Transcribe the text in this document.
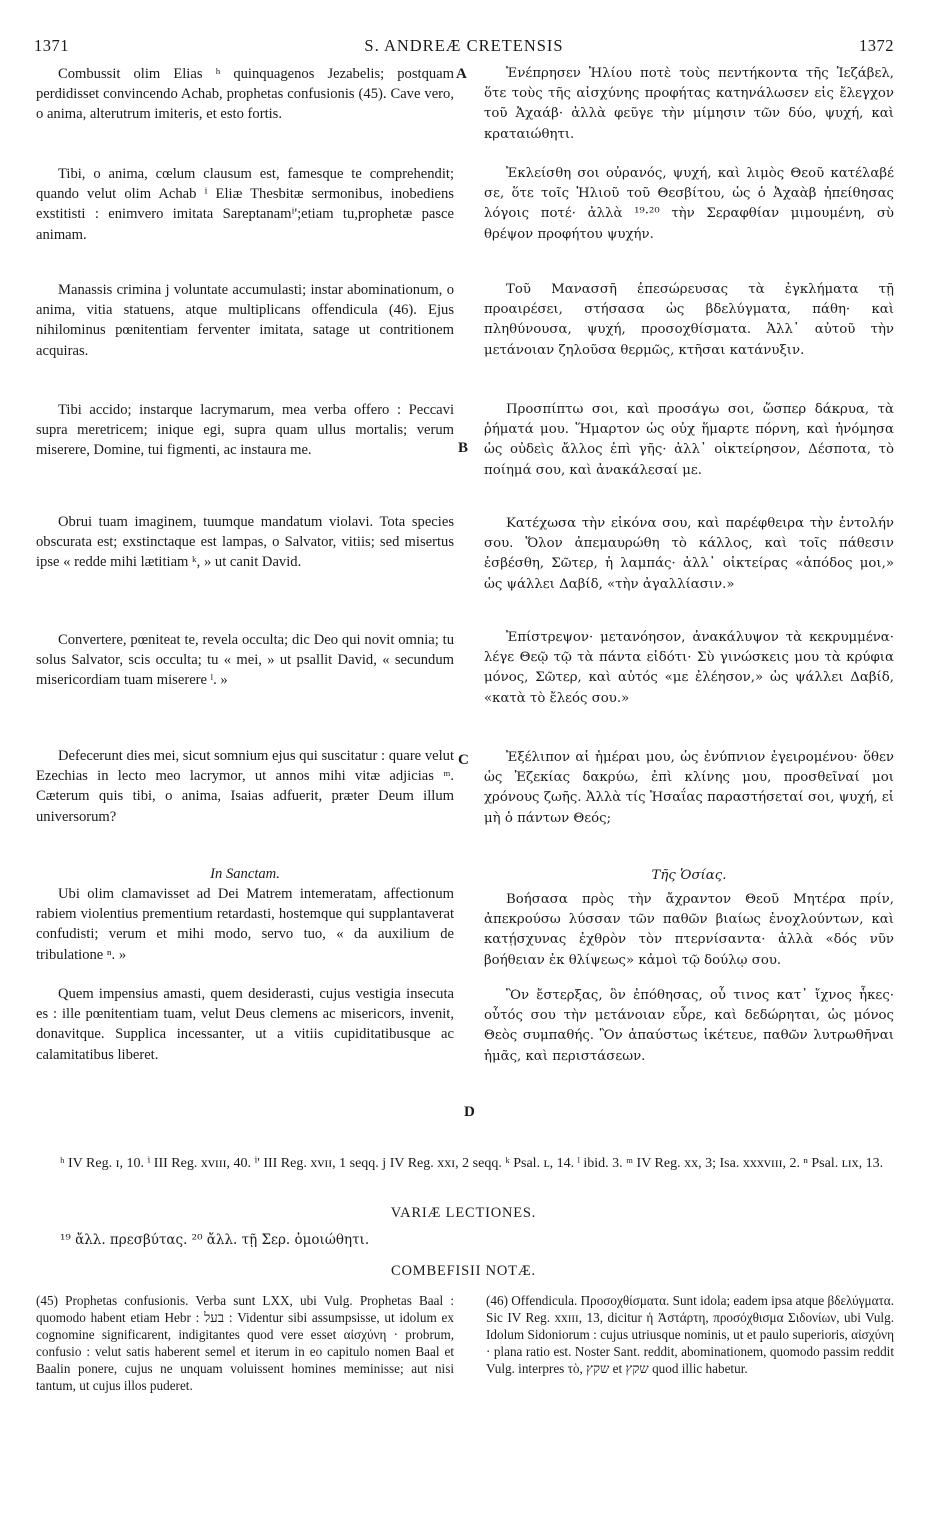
1371	S. ANDREÆ CRETENSIS	1372
A
B
C
D

Combussit olim Elias ʰ quinquagenos Jezabelis; postquam perdidisset convincendo Achab, prophetas confusionis (45). Cave vero, o anima, alterutrum imiteris, et esto fortis.

Tibi, o anima, cœlum clausum est, famesque te comprehendit; quando velut olim Achab ⁱ Eliæ Thesbitæ sermonibus, inobediens exstitisti : enimvero imitata Sareptanamⁱ';etiam tu,prophetæ pasce animam.

Manassis crimina j voluntate accumulasti; instar abominationum, o anima, vitia statuens, atque multiplicans offendicula (46). Ejus nihilominus pœnitentiam ferventer imitata, satage ut contritionem acquiras.

Tibi accido; instarque lacrymarum, mea verba offero : Peccavi supra meretricem; inique egi, supra quam ullus mortalis; verum miserere, Domine, tui figmenti, ac instaura me.

Obrui tuam imaginem, tuumque mandatum violavi. Tota species obscurata est; exstinctaque est lampas, o Salvator, vitiis; sed misertus ipse « redde mihi lætitiam ᵏ, » ut canit David.

Convertere, pœniteat te, revela occulta; dic Deo qui novit omnia; tu solus Salvator, scis occulta; tu « mei, » ut psallit David, « secundum misericordiam tuam miserere ˡ. »

Defecerunt dies mei, sicut somnium ejus qui suscitatur : quare velut Ezechias in lecto meo lacrymor, ut annos mihi vitæ adjicias ᵐ. Cæterum quis tibi, o anima, Isaias adfuerit, præter Deum illum universorum?

In Sanctam.

Ubi olim clamavisset ad Dei Matrem intemeratam, affectionum rabiem violentius prementium retardasti, hostemque qui supplantaverat confudisti; verum et mihi modo, servo tuo, « da auxilium de tribulatione ⁿ. »

Quem impensius amasti, quem desiderasti, cujus vestigia insecuta es : ille pœnitentiam tuam, velut Deus clemens ac misericors, invenit, donavitque. Supplica incessanter, ut a vitiis cupiditatibusque ac calamitatibus liberet.

Ἐνέπρησεν Ἠλίου ποτὲ τοὺς πεντήκοντα τῆς Ἰεζάβελ, ὅτε τοὺς τῆς αἰσχύνης προφήτας κατηνάλωσεν εἰς ἔλεγχον τοῦ Ἀχαάβ· ἀλλὰ φεῦγε τὴν μίμησιν τῶν δύο, ψυχή, καὶ κραταιώθητι.

Ἐκλείσθη σοι οὐρανός, ψυχή, καὶ λιμὸς Θεοῦ κατέλαβέ σε, ὅτε τοῖς Ἠλιοῦ τοῦ Θεσβίτου, ὡς ὁ Ἀχαὰβ ἠπείθησας λόγοις ποτέ· ἀλλὰ ¹⁹·²⁰ τὴν Σεραφθίαν μιμουμένη, σὺ θρέψον προφήτου ψυχήν.

Τοῦ Μανασσῆ ἐπεσώρευσας τὰ ἐγκλήματα τῇ προαιρέσει, στήσασα ὡς βδελύγματα, πάθη· καὶ πληθύνουσα, ψυχή, προσοχθίσματα. Ἀλλ᾽ αὐτοῦ τὴν μετάνοιαν ζηλοῦσα θερμῶς, κτῆσαι κατάνυξιν.

Προσπίπτω σοι, καὶ προσάγω σοι, ὥσπερ δάκρυα, τὰ ῥήματά μου. Ἥμαρτον ὡς οὐχ ἥμαρτε πόρνη, καὶ ἠνόμησα ὡς οὐδεὶς ἄλλος ἐπὶ γῆς· ἀλλ᾽ οἰκτείρησον, Δέσποτα, τὸ ποίημά σου, καὶ ἀνακάλεσαί με.

Κατέχωσα τὴν εἰκόνα σου, καὶ παρέφθειρα τὴν ἐντολήν σου. Ὅλον ἀπεμαυρώθη τὸ κάλλος, καὶ τοῖς πάθεσιν ἐσβέσθη, Σῶτερ, ἡ λαμπάς· ἀλλ᾽ οἰκτείρας «ἀπόδος μοι,» ὡς ψάλλει Δαβίδ, «τὴν ἀγαλλίασιν.»

Ἐπίστρεψον· μετανόησον, ἀνακάλυψον τὰ κεκρυμμένα· λέγε Θεῷ τῷ τὰ πάντα εἰδότι· Σὺ γινώσκεις μου τὰ κρύφια μόνος, Σῶτερ, καὶ αὐτός «με ἐλέησον,» ὡς ψάλλει Δαβίδ, «κατὰ τὸ ἔλεός σου.»

Ἐξέλιπον αἱ ἡμέραι μου, ὡς ἐνύπνιον ἐγειρομένου· ὅθεν ὡς Ἐζεκίας δακρύω, ἐπὶ κλίνης μου, προσθεῖναί μοι χρόνους ζωῆς. Ἀλλὰ τίς Ἡσαΐας παραστήσεταί σοι, ψυχή, εἰ μὴ ὁ πάντων Θεός;

Τῆς Ὁσίας.

Βοήσασα πρὸς τὴν ἄχραντον Θεοῦ Μητέρα πρίν, ἀπεκρούσω λύσσαν τῶν παθῶν βιαίως ἐνοχλούντων, καὶ κατῄσχυνας ἐχθρὸν τὸν πτερνίσαντα· ἀλλὰ «δός νῦν βοήθειαν ἐκ θλίψεως» κἀμοὶ τῷ δούλῳ σου.

Ὃν ἔστερξας, ὃν ἐπόθησας, οὗ τινος κατ᾽ ἴχνος ἧκες· οὗτός σου τὴν μετάνοιαν εὗρε, καὶ δεδώρηται, ὡς μόνος Θεὸς συμπαθής. Ὃν ἀπαύστως ἱκέτευε, παθῶν λυτρωθῆναι ἡμᾶς, καὶ περιστάσεων.

ʰ IV Reg. ɪ, 10. ⁱ III Reg. xvɪɪɪ, 40. ⁱ' III Reg. xvɪɪ, 1 seqq. j IV Reg. xxɪ, 2 seqq. ᵏ Psal. ʟ, 14. ˡ ibid. 3. ᵐ IV Reg. xx, 3; Isa. xxxvɪɪɪ, 2. ⁿ Psal. ʟɪx, 13.

VARIÆ LECTIONES.
¹⁹ ἄλλ. πρεσβύτας. ²⁰ ἄλλ. τῇ Σερ. ὁμοιώθητι.
COMBEFISII NOTÆ.

(45) Prophetas confusionis. Verba sunt LXX, ubi Vulg. Prophetas Baal : quomodo habent etiam Hebr : בעל : Videntur sibi assumpsisse, ut idolum ex cognomine significarent, indigitantes quod vere esset αἰσχύνη · probrum, confusio : velut satis haberent semel et iterum in eo capitulo nomen Baal et Baalin ponere, cujus ne unquam voluissent homines meminisse; aut nisi tantum, ut cujus illos puderet.

(46) Offendicula. Προσοχθίσματα. Sunt idola; eadem ipsa atque βδελύγματα. Sic IV Reg. xxɪɪɪ, 13, dicitur ἡ Ἀστάρτη, προσόχθισμα Σιδονίων, ubi Vulg. Idolum Sidoniorum : cujus utriusque nominis, ut et paulo superioris, αἰσχύνη · plana ratio est. Noster Sant. reddit, abominationem, quomodo passim reddit Vulg. interpres τὸ, שקץ et שקץ quod illic habetur.
